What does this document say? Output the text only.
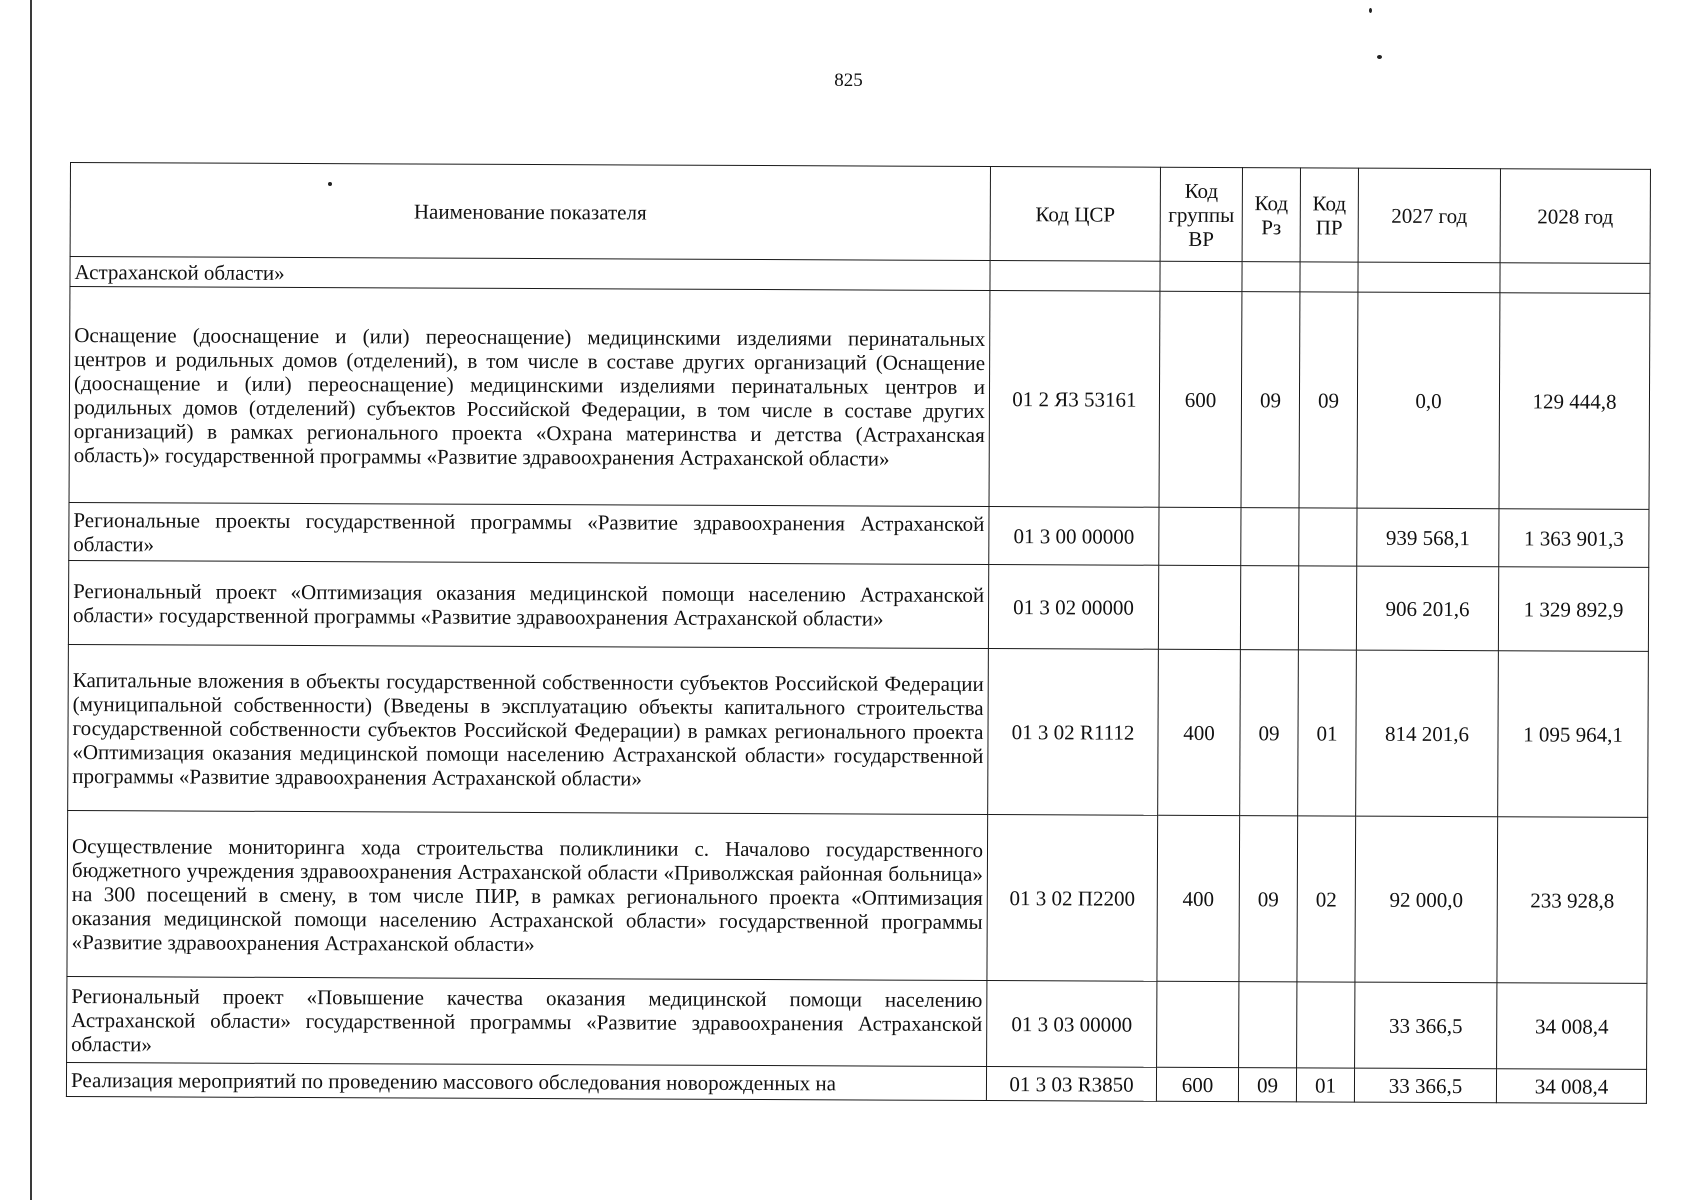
825
Наименование показателя	Код ЦСР	Код группы ВР	Код Рз	Код ПР	2027 год	2028 год
Астраханской области»						
Оснащение (дооснащение и (или) переоснащение) медицинскими изделиями перинатальных центров и родильных домов (отделений), в том числе в составе других организаций (Оснащение (дооснащение и (или) переоснащение) медицинскими изделиями перинатальных центров и родильных домов (отделений) субъектов Российской Федерации, в том числе в составе других организаций) в рамках регионального проекта «Охрана материнства и детства (Астраханская область)» государственной программы «Развитие здравоохранения Астраханской области»	01 2 Я3 53161	600	09	09	0,0	129 444,8
Региональные проекты государственной программы «Развитие здравоохранения Астраханской области»	01 3 00 00000				939 568,1	1 363 901,3
Региональный проект «Оптимизация оказания медицинской помощи населению Астраханской области» государственной программы «Развитие здравоохранения Астраханской области»	01 3 02 00000				906 201,6	1 329 892,9
Капитальные вложения в объекты государственной собственности субъектов Российской Федерации (муниципальной собственности) (Введены в эксплуатацию объекты капитального строительства государственной собственности субъектов Российской Федерации) в рамках регионального проекта «Оптимизация оказания медицинской помощи населению Астраханской области» государственной программы «Развитие здравоохранения Астраханской области»	01 3 02 R1112	400	09	01	814 201,6	1 095 964,1
Осуществление мониторинга хода строительства поликлиники с. Началово государственного бюджетного учреждения здравоохранения Астраханской области «Приволжская районная больница» на 300 посещений в смену, в том числе ПИР, в рамках регионального проекта «Оптимизация оказания медицинской помощи населению Астраханской области» государственной программы «Развитие здравоохранения Астраханской области»	01 3 02 П2200	400	09	02	92 000,0	233 928,8
Региональный проект «Повышение качества оказания медицинской помощи населению Астраханской области» государственной программы «Развитие здравоохранения Астраханской области»	01 3 03 00000				33 366,5	34 008,4
Реализация мероприятий по проведению массового обследования новорожденных на	01 3 03 R3850	600	09	01	33 366,5	34 008,4
